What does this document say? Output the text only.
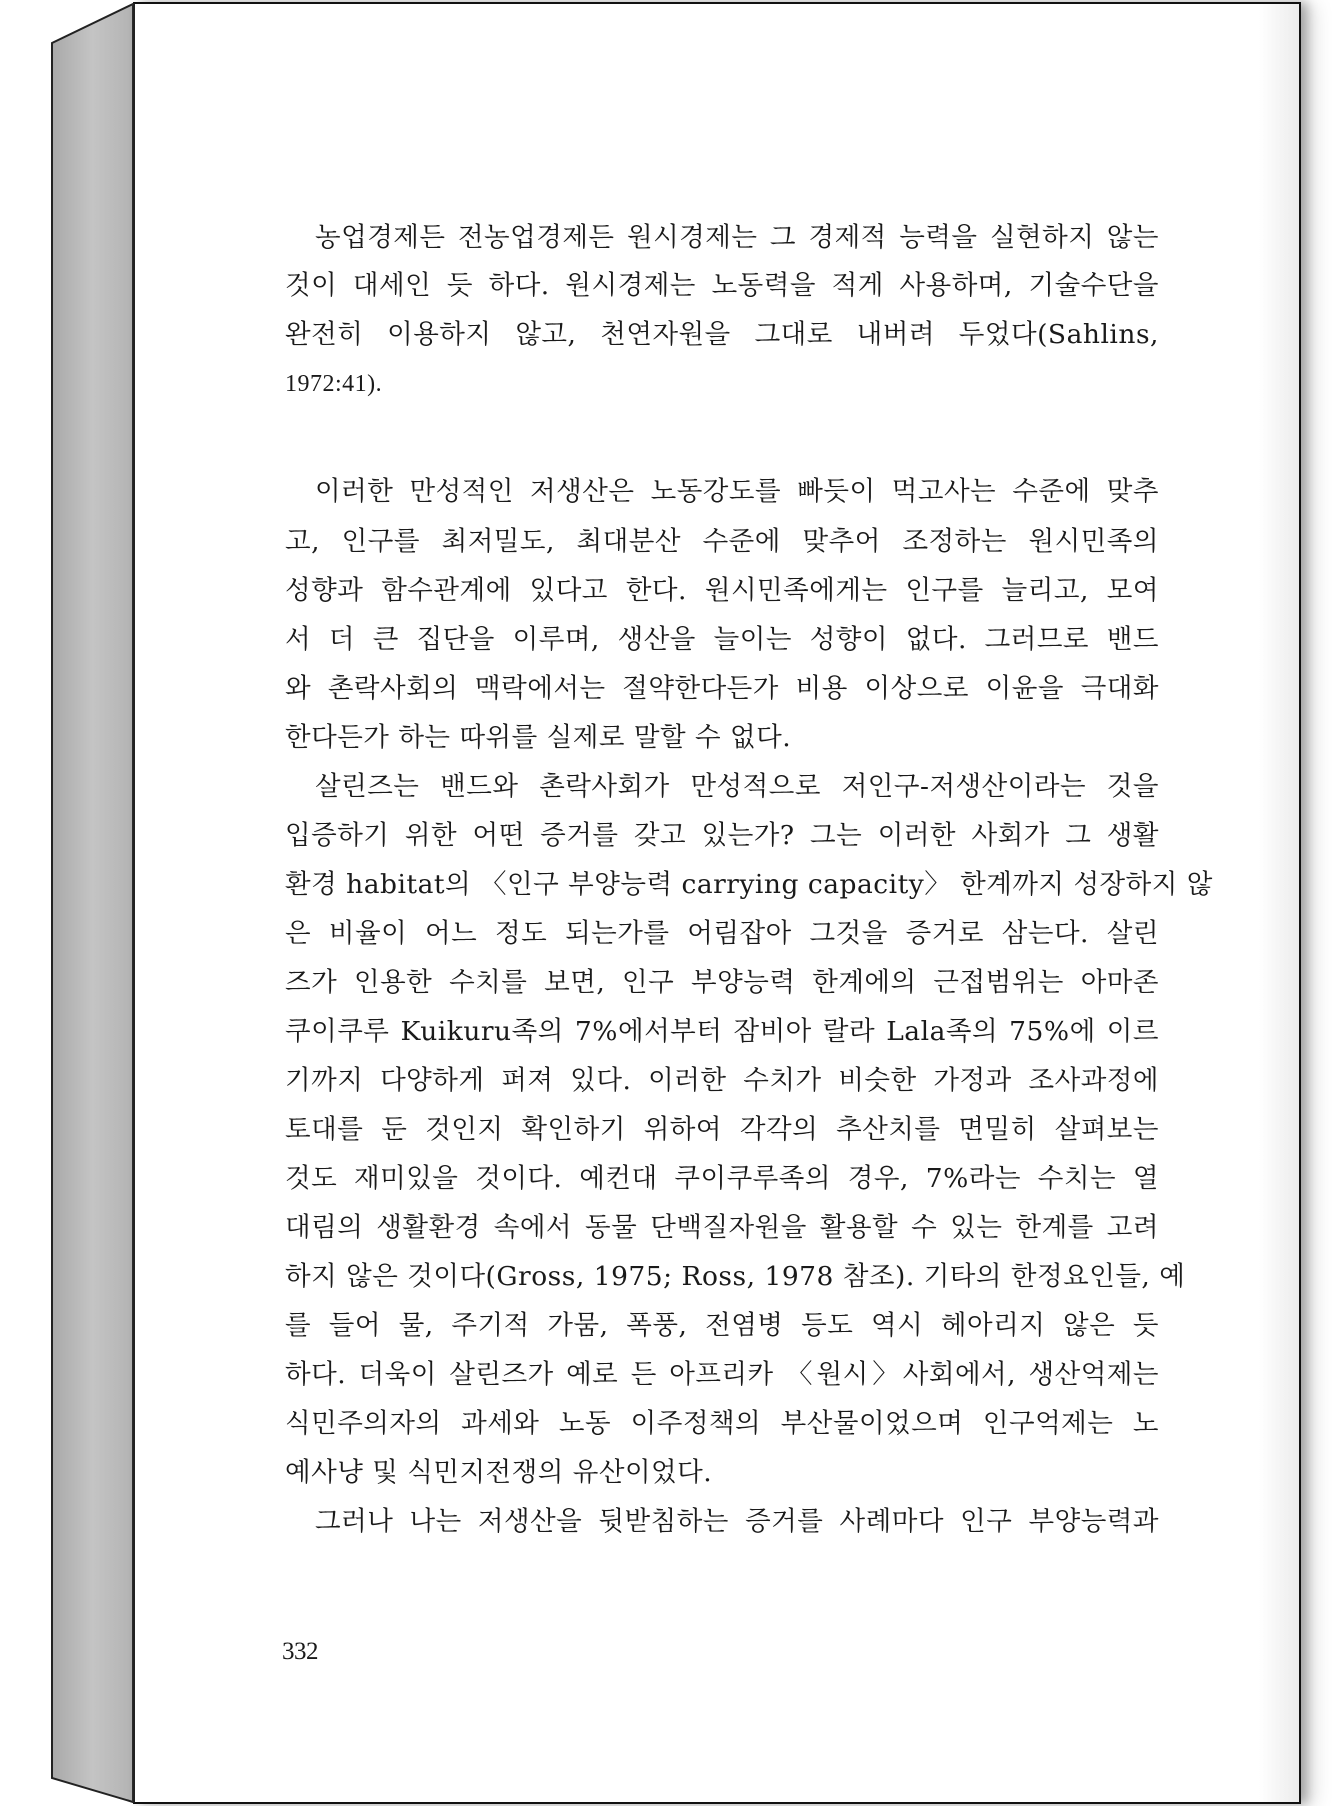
농업경제든 전농업경제든 원시경제는 그 경제적 능력을 실현하지 않는
것이 대세인 듯 하다. 원시경제는 노동력을 적게 사용하며, 기술수단을
완전히 이용하지 않고, 천연자원을 그대로 내버려 두었다(Sahlins,
1972:41).
이러한 만성적인 저생산은 노동강도를 빠듯이 먹고사는 수준에 맞추
고, 인구를 최저밀도, 최대분산 수준에 맞추어 조정하는 원시민족의
성향과 함수관계에 있다고 한다. 원시민족에게는 인구를 늘리고, 모여
서 더 큰 집단을 이루며, 생산을 늘이는 성향이 없다. 그러므로 밴드
와 촌락사회의 맥락에서는 절약한다든가 비용 이상으로 이윤을 극대화
한다든가 하는 따위를 실제로 말할 수 없다.
살린즈는 밴드와 촌락사회가 만성적으로 저인구-저생산이라는 것을
입증하기 위한 어떤 증거를 갖고 있는가? 그는 이러한 사회가 그 생활
환경 habitat의 〈인구 부양능력 carrying capacity〉 한계까지 성장하지 않
은 비율이 어느 정도 되는가를 어림잡아 그것을 증거로 삼는다. 살린
즈가 인용한 수치를 보면, 인구 부양능력 한계에의 근접범위는 아마존
쿠이쿠루 Kuikuru족의 7%에서부터 잠비아 랄라 Lala족의 75%에 이르
기까지 다양하게 퍼져 있다. 이러한 수치가 비슷한 가정과 조사과정에
토대를 둔 것인지 확인하기 위하여 각각의 추산치를 면밀히 살펴보는
것도 재미있을 것이다. 예컨대 쿠이쿠루족의 경우, 7%라는 수치는 열
대림의 생활환경 속에서 동물 단백질자원을 활용할 수 있는 한계를 고려
하지 않은 것이다(Gross, 1975; Ross, 1978 참조). 기타의 한정요인들, 예
를 들어 물, 주기적 가뭄, 폭풍, 전염병 등도 역시 헤아리지 않은 듯
하다. 더욱이 살린즈가 예로 든 아프리카 〈원시〉사회에서, 생산억제는
식민주의자의 과세와 노동 이주정책의 부산물이었으며 인구억제는 노
예사냥 및 식민지전쟁의 유산이었다.
그러나 나는 저생산을 뒷받침하는 증거를 사례마다 인구 부양능력과
332
